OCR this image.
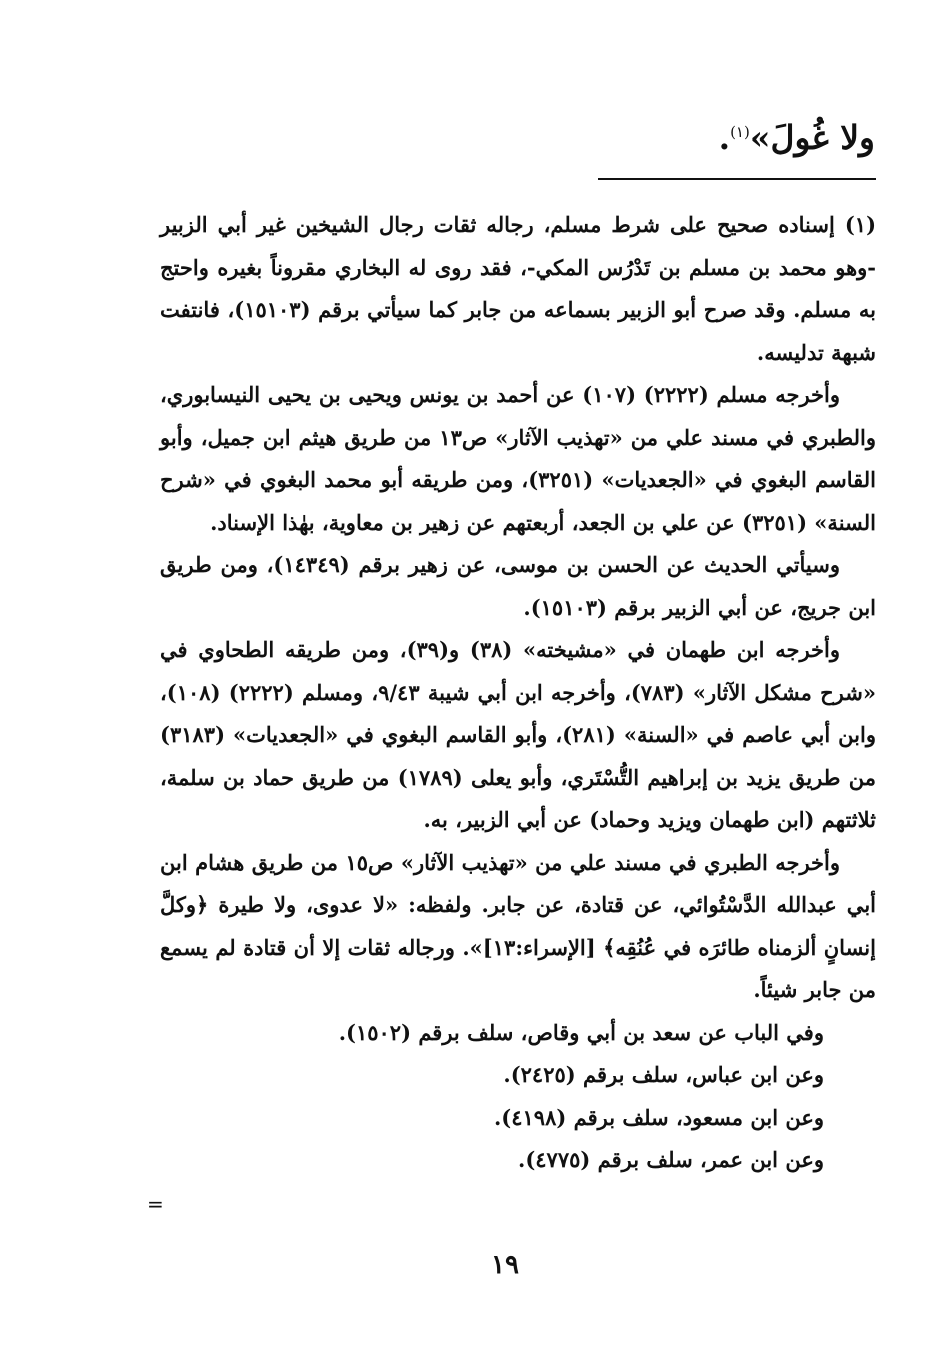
ولا غُولَ»$^{(١)}$.

(١) إسناده صحيح على شرط مسلم، رجاله ثقات رجال الشيخين غير أبي الزبير -وهو محمد بن مسلم بن تَدْرُس المكي-، فقد روى له البخاري مقروناً بغيره واحتج به مسلم. وقد صرح أبو الزبير بسماعه من جابر كما سيأتي برقم (١٥١٠٣)، فانتفت شبهة تدليسه.

وأخرجه مسلم (٢٢٢٢) (١٠٧) عن أحمد بن يونس ويحيى بن يحيى النيسابوري، والطبري في مسند علي من «تهذيب الآثار» ص١٣ من طريق هيثم ابن جميل، وأبو القاسم البغوي في «الجعديات» (٣٢٥١)، ومن طريقه أبو محمد البغوي في «شرح السنة» (٣٢٥١) عن علي بن الجعد، أربعتهم عن زهير بن معاوية، بهٰذا الإسناد.

وسيأتي الحديث عن الحسن بن موسى، عن زهير برقم (١٤٣٤٩)، ومن طريق ابن جريج، عن أبي الزبير برقم (١٥١٠٣).

وأخرجه ابن طهمان في «مشيخته» (٣٨) و(٣٩)، ومن طريقه الطحاوي في «شرح مشكل الآثار» (٧٨٣)، وأخرجه ابن أبي شيبة ٩/٤٣، ومسلم (٢٢٢٢) (١٠٨)، وابن أبي عاصم في «السنة» (٢٨١)، وأبو القاسم البغوي في «الجعديات» (٣١٨٣) من طريق يزيد بن إبراهيم التُّسْتَري، وأبو يعلى (١٧٨٩) من طريق حماد بن سلمة، ثلاثتهم (ابن طهمان ويزيد وحماد) عن أبي الزبير، به.

وأخرجه الطبري في مسند علي من «تهذيب الآثار» ص١٥ من طريق هشام ابن أبي عبدالله الدَّسْتُوائي، عن قتادة، عن جابر. ولفظه: «لا عدوى، ولا طيرة ﴿وكلَّ إنسانٍ ألزمناه طائرَه في عُنُقِه﴾ [الإسراء:١٣]». ورجاله ثقات إلا أن قتادة لم يسمع من جابر شيئاً.

وفي الباب عن سعد بن أبي وقاص، سلف برقم (١٥٠٢).
وعن ابن عباس، سلف برقم (٢٤٢٥).
وعن ابن مسعود، سلف برقم (٤١٩٨).
وعن ابن عمر، سلف برقم (٤٧٧٥).
=
١٩
